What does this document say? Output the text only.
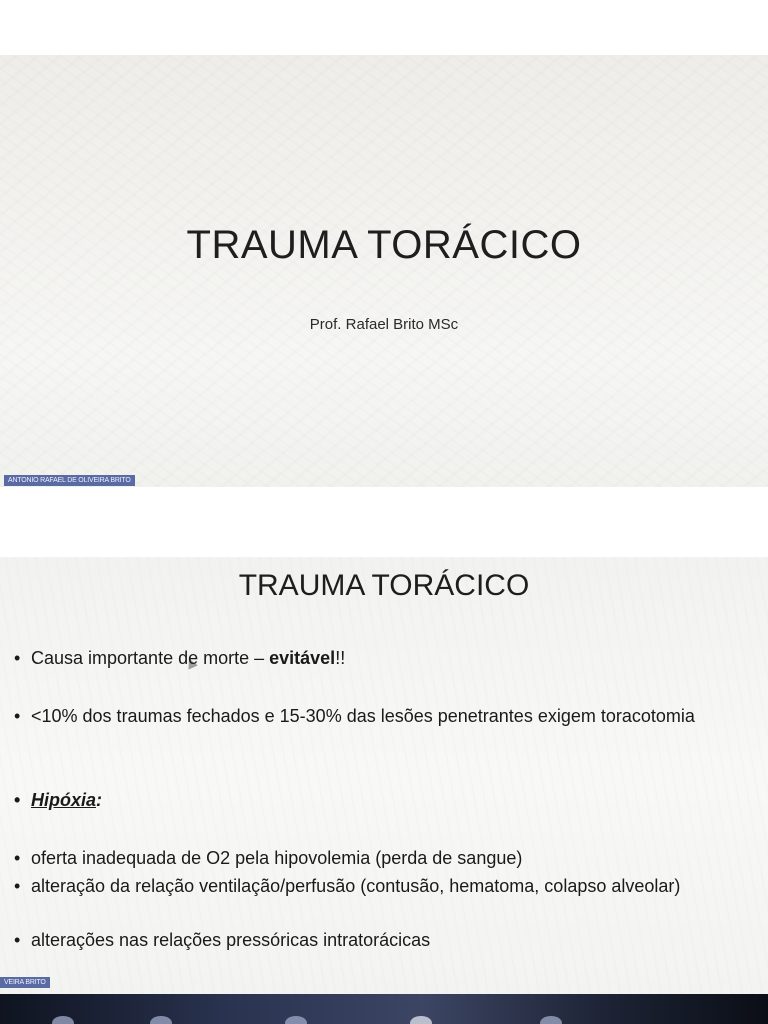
TRAUMA TORÁCICO
Prof. Rafael Brito MSc
ANTONIO RAFAEL DE OLIVEIRA BRITO
TRAUMA TORÁCICO
• Causa importante de morte – evitável!!
• <10% dos traumas fechados e 15-30% das lesões penetrantes exigem toracotomia
• Hipóxia:
• oferta inadequada de O2 pela hipovolemia (perda de sangue)
• alteração da relação ventilação/perfusão (contusão, hematoma, colapso alveolar)
• alterações nas relações pressóricas intratorácicas
VEIRA BRITO
